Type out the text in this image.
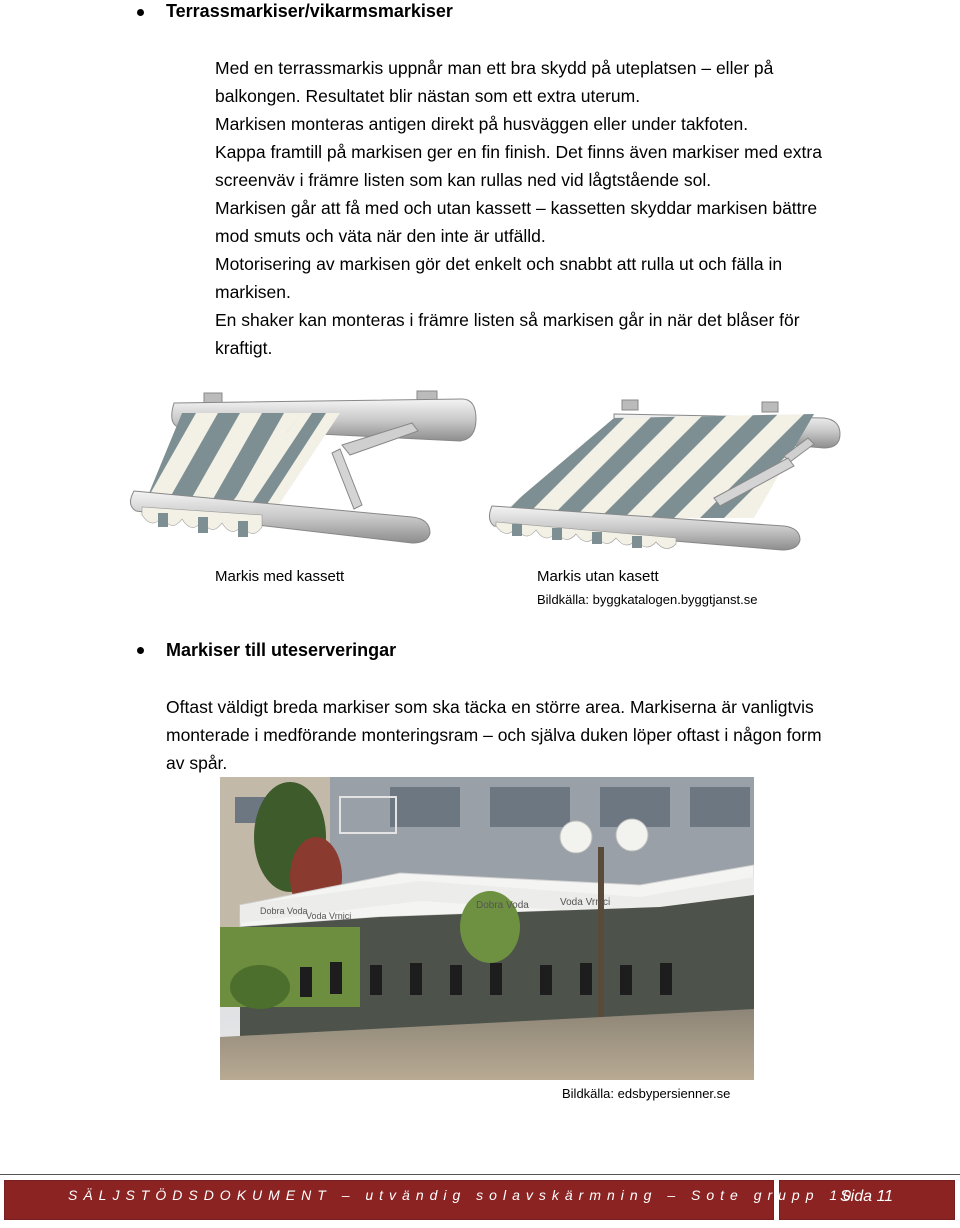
Terrassmarkiser/vikarmsmarkiser

Med en terrassmarkis uppnår man ett bra skydd på uteplatsen – eller på

balkongen. Resultatet blir nästan som ett extra uterum.

Markisen monteras antigen direkt på husväggen eller under takfoten.

Kappa framtill på markisen ger en fin finish. Det finns även markiser med extra

screenväv i främre listen som kan rullas ned vid lågtstående sol.

Markisen går att få med och utan kassett – kassetten skyddar markisen bättre

mod smuts och väta när den inte är utfälld.

Motorisering av markisen gör det enkelt och snabbt att rulla ut och fälla in

markisen.

En shaker kan monteras i främre listen så markisen går in när det blåser för

kraftigt.

Markis med kassett	Markis utan kasett
Bildkälla: byggkatalogen.byggtjanst.se
Markiser till uteserveringar

Oftast väldigt breda markiser som ska täcka en större area. Markiserna är vanligtvis

monterade i medförande monteringsram – och själva duken löper oftast i någon form

av spår.

Dobra Voda
Voda Vrnjci
Dobra Voda	Voda Vrnjci
Bildkälla: edsbypersienner.se
SÄLJSTÖDSDOKUMENT – utvändig solavskärmning – Sote grupp 10
Sida 11
